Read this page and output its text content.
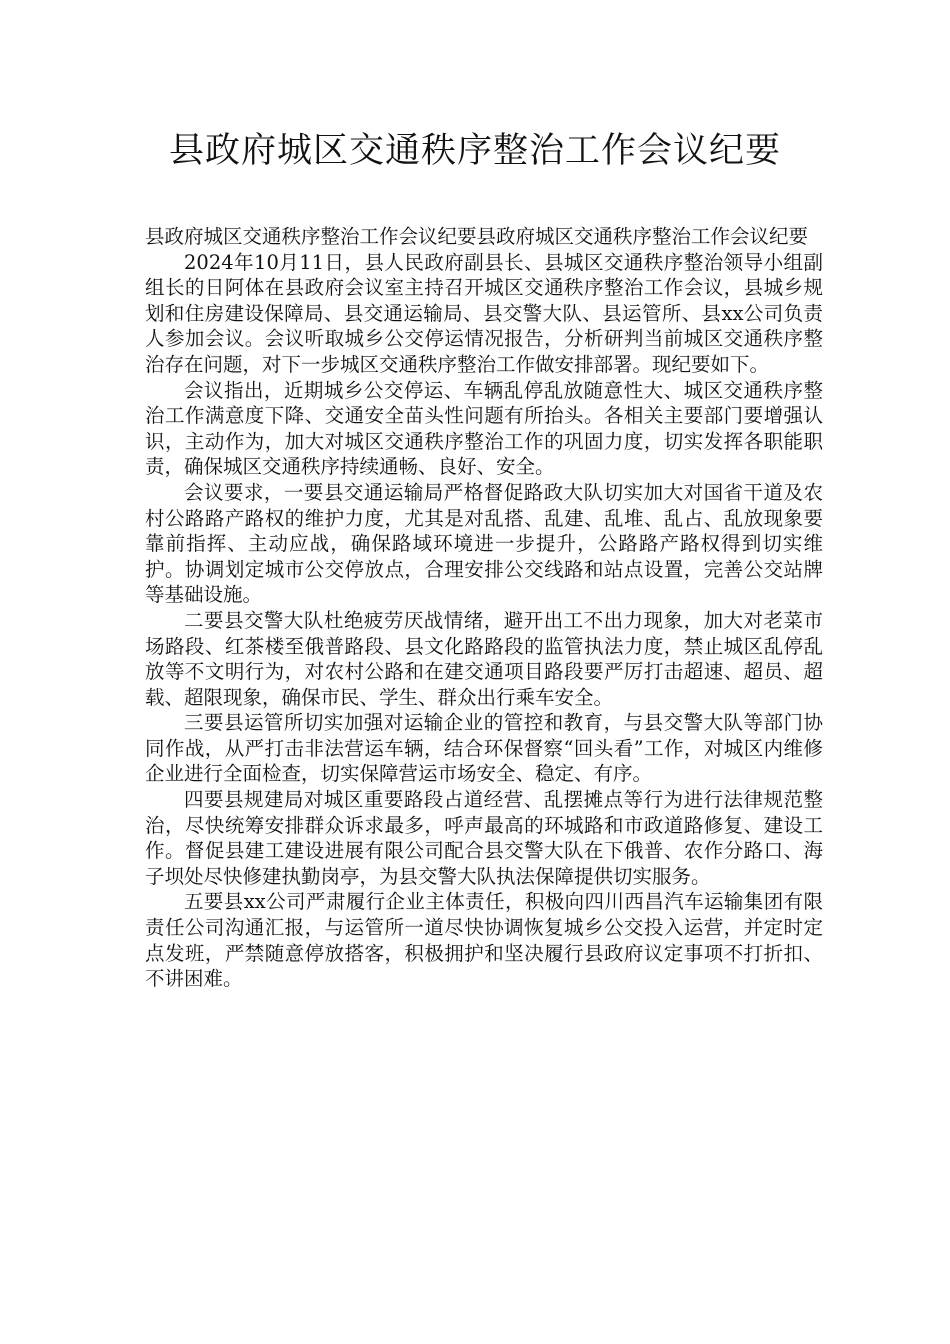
县政府城区交通秩序整治工作会议纪要

县政府城区交通秩序整治工作会议纪要县政府城区交通秩序整治工作会议纪要

2024年10月11日，县人民政府副县长、县城区交通秩序整治领导小组副组长的日阿体在县政府会议室主持召开城区交通秩序整治工作会议，县城乡规划和住房建设保障局、县交通运输局、县交警大队、县运管所、县xx公司负责人参加会议。会议听取城乡公交停运情况报告，分析研判当前城区交通秩序整治存在问题，对下一步城区交通秩序整治工作做安排部署。现纪要如下。

会议指出，近期城乡公交停运、车辆乱停乱放随意性大、城区交通秩序整治工作满意度下降、交通安全苗头性问题有所抬头。各相关主要部门要增强认识，主动作为，加大对城区交通秩序整治工作的巩固力度，切实发挥各职能职责，确保城区交通秩序持续通畅、良好、安全。

会议要求，一要县交通运输局严格督促路政大队切实加大对国省干道及农村公路路产路权的维护力度，尤其是对乱搭、乱建、乱堆、乱占、乱放现象要靠前指挥、主动应战，确保路域环境进一步提升，公路路产路权得到切实维护。协调划定城市公交停放点，合理安排公交线路和站点设置，完善公交站牌等基础设施。

二要县交警大队杜绝疲劳厌战情绪，避开出工不出力现象，加大对老菜市场路段、红茶楼至俄普路段、县文化路路段的监管执法力度，禁止城区乱停乱放等不文明行为，对农村公路和在建交通项目路段要严厉打击超速、超员、超载、超限现象，确保市民、学生、群众出行乘车安全。

三要县运管所切实加强对运输企业的管控和教育，与县交警大队等部门协同作战，从严打击非法营运车辆，结合环保督察“回头看”工作，对城区内维修企业进行全面检查，切实保障营运市场安全、稳定、有序。

四要县规建局对城区重要路段占道经营、乱摆摊点等行为进行法律规范整治，尽快统筹安排群众诉求最多，呼声最高的环城路和市政道路修复、建设工作。督促县建工建设进展有限公司配合县交警大队在下俄普、农作分路口、海子坝处尽快修建执勤岗亭，为县交警大队执法保障提供切实服务。

五要县xx公司严肃履行企业主体责任，积极向四川西昌汽车运输集团有限责任公司沟通汇报，与运管所一道尽快协调恢复城乡公交投入运营，并定时定点发班，严禁随意停放搭客，积极拥护和坚决履行县政府议定事项不打折扣、不讲困难。
